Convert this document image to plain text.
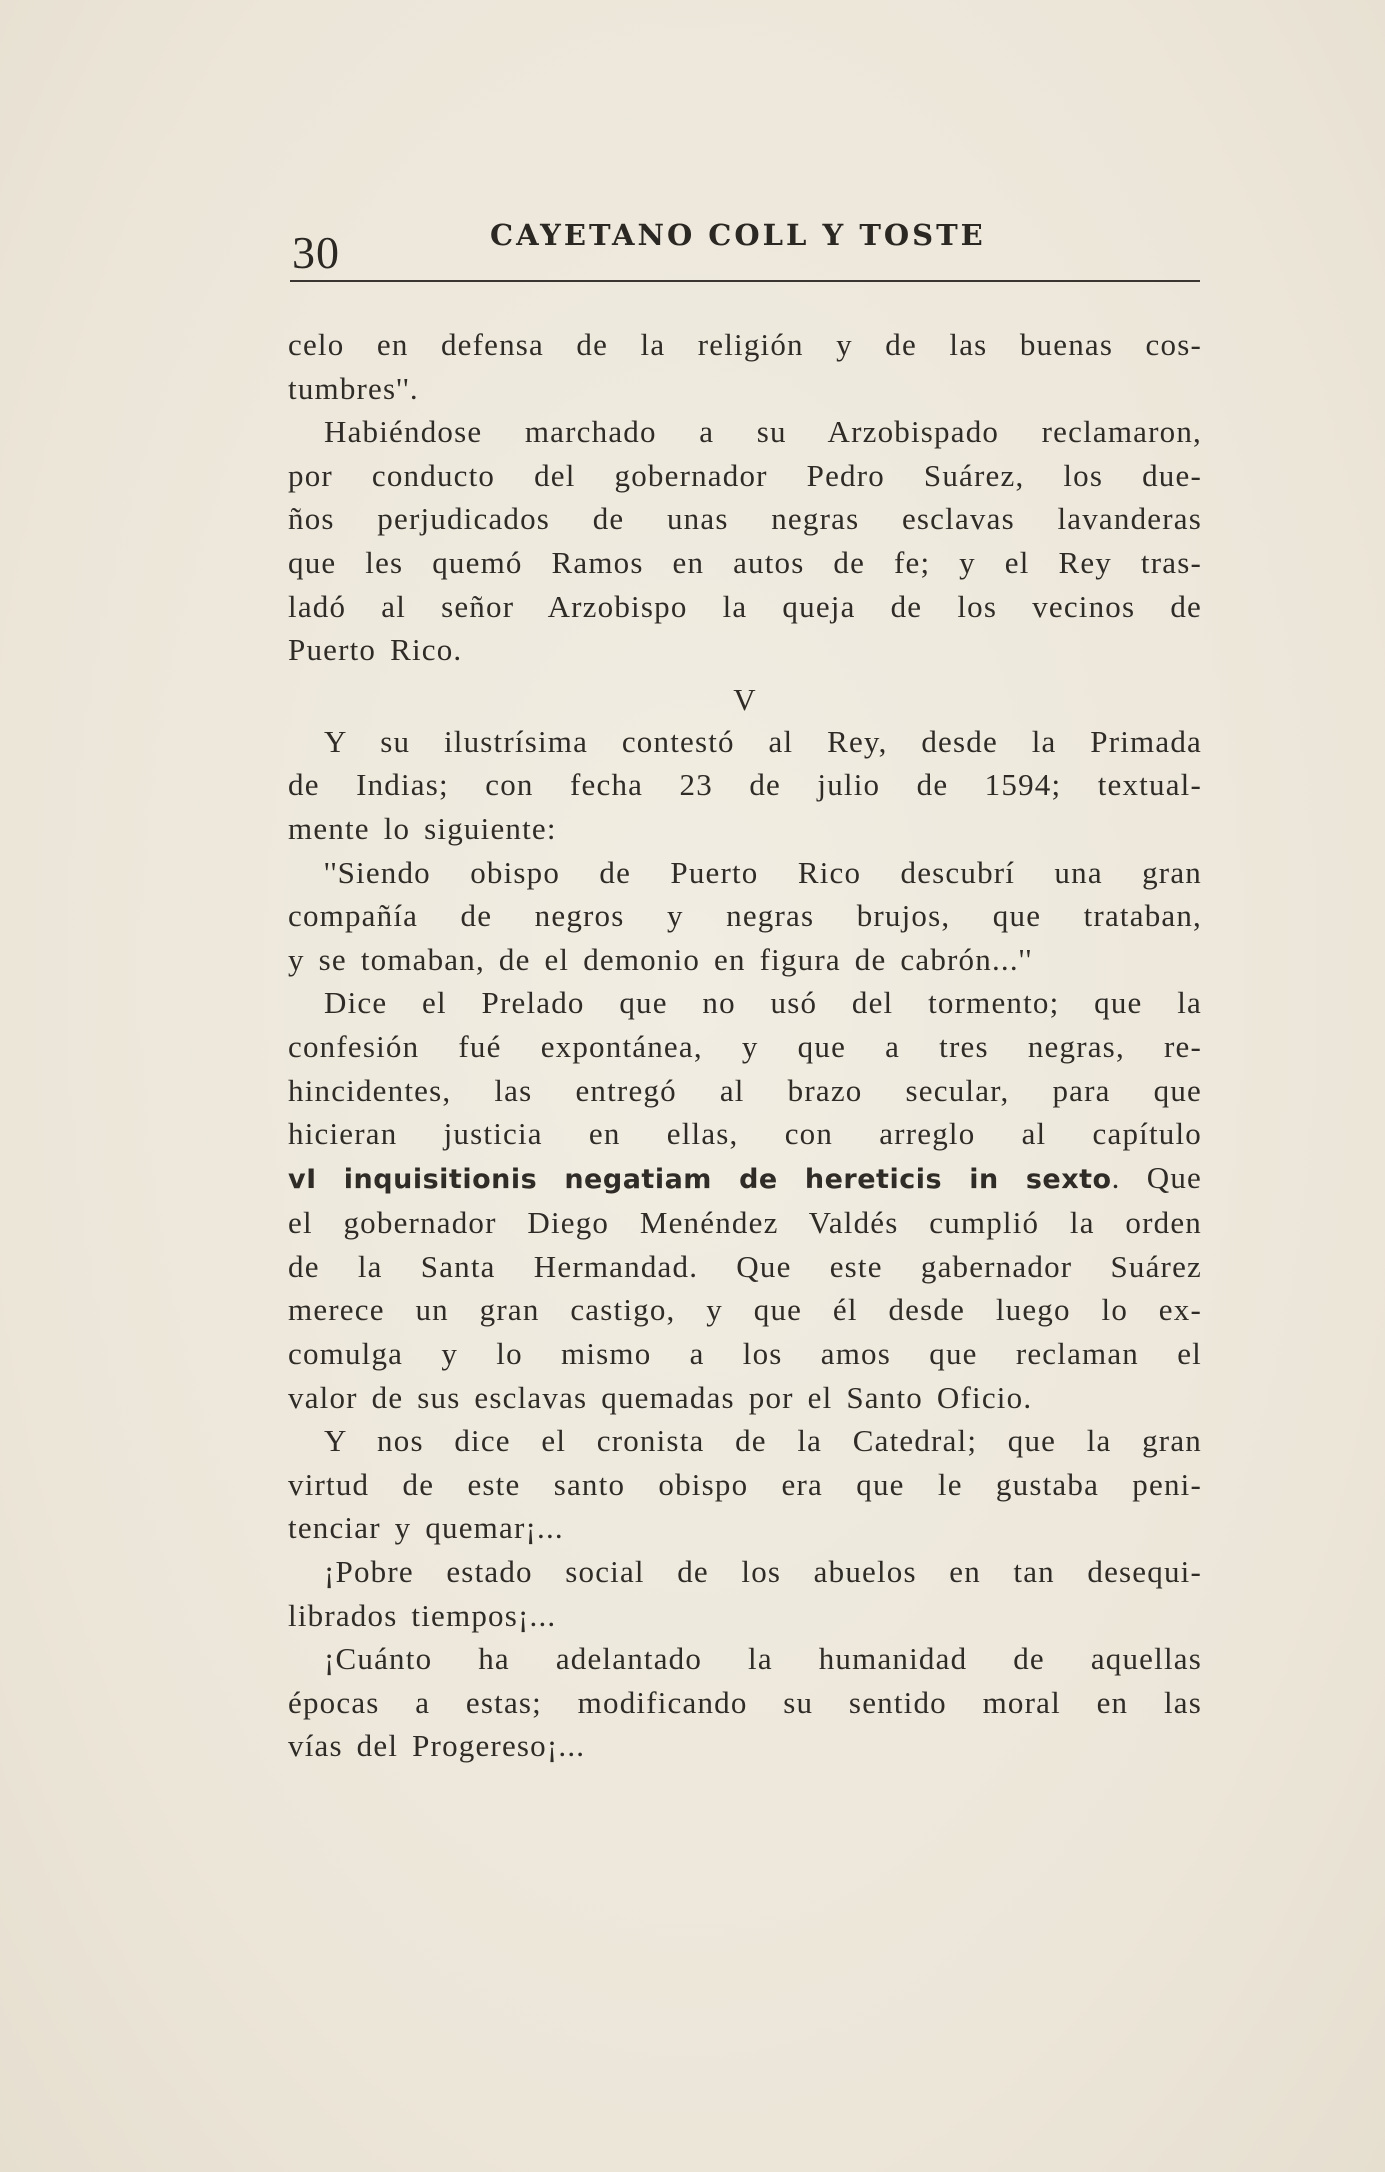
30	CAYETANO COLL Y TOSTE
celo en defensa de la religión y de las buenas cos-
tumbres''.
Habiéndose marchado a su Arzobispado reclamaron,
por conducto del gobernador Pedro Suárez, los due-
ños perjudicados de unas negras esclavas lavanderas
que les quemó Ramos en autos de fe; y el Rey tras-
ladó al señor Arzobispo la queja de los vecinos de
Puerto Rico.
V
Y su ilustrísima contestó al Rey, desde la Primada
de Indias; con fecha 23 de julio de 1594; textual-
mente lo siguiente:
''Siendo obispo de Puerto Rico descubrí una gran
compañía de negros y negras brujos, que trataban,
y se tomaban, de el demonio en figura de cabrón...''
Dice el Prelado que no usó del tormento; que la
confesión fué expontánea, y que a tres negras, re-
hincidentes, las entregó al brazo secular, para que
hicieran justicia en ellas, con arreglo al capítulo
vI inquisitionis negatiam de hereticis in sexto. Que
el gobernador Diego Menéndez Valdés cumplió la orden
de la Santa Hermandad. Que este gabernador Suárez
merece un gran castigo, y que él desde luego lo ex-
comulga y lo mismo a los amos que reclaman el
valor de sus esclavas quemadas por el Santo Oficio.
Y nos dice el cronista de la Catedral; que la gran
virtud de este santo obispo era que le gustaba peni-
tenciar y quemar¡...
¡Pobre estado social de los abuelos en tan desequi-
librados tiempos¡...
¡Cuánto ha adelantado la humanidad de aquellas
épocas a estas; modificando su sentido moral en las
vías del Progereso¡...
